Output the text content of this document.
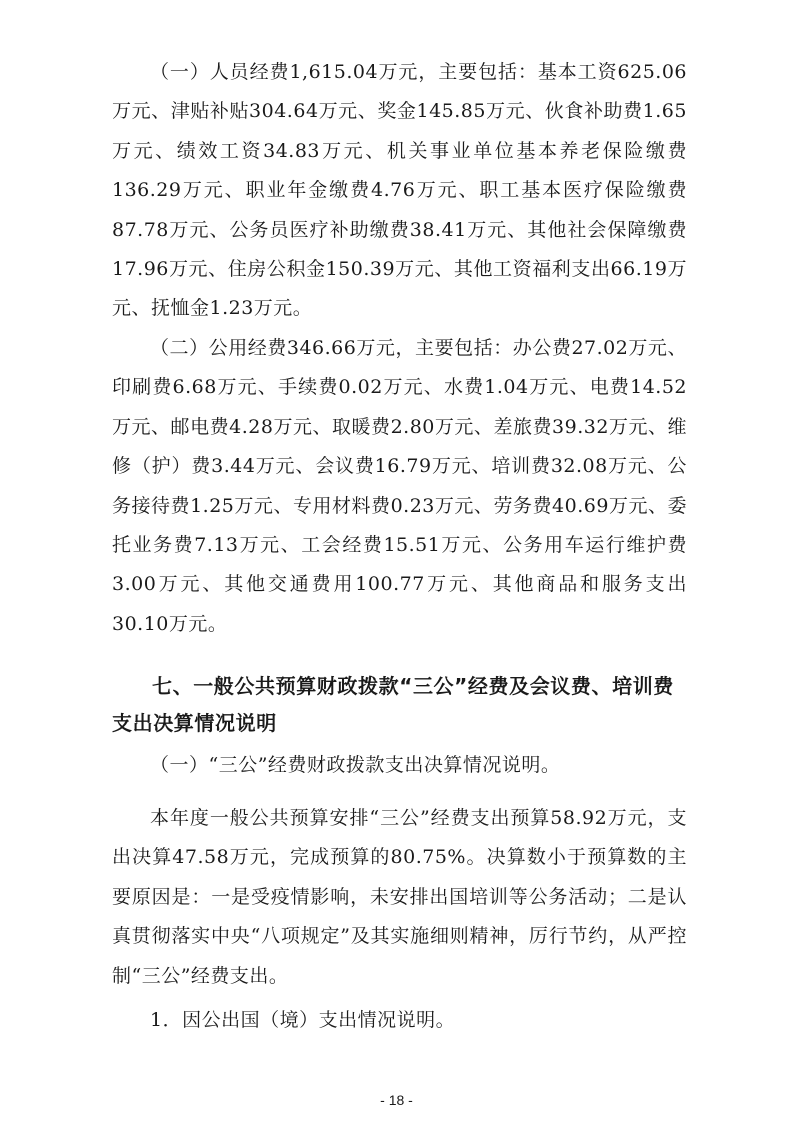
（一）人员经费1,615.04万元，主要包括：基本工资625.06万元、津贴补贴304.64万元、奖金145.85万元、伙食补助费1.65万元、绩效工资34.83万元、机关事业单位基本养老保险缴费136.29万元、职业年金缴费4.76万元、职工基本医疗保险缴费87.78万元、公务员医疗补助缴费38.41万元、其他社会保障缴费17.96万元、住房公积金150.39万元、其他工资福利支出66.19万元、抚恤金1.23万元。

（二）公用经费346.66万元，主要包括：办公费27.02万元、印刷费6.68万元、手续费0.02万元、水费1.04万元、电费14.52万元、邮电费4.28万元、取暖费2.80万元、差旅费39.32万元、维修（护）费3.44万元、会议费16.79万元、培训费32.08万元、公务接待费1.25万元、专用材料费0.23万元、劳务费40.69万元、委托业务费7.13万元、工会经费15.51万元、公务用车运行维护费3.00万元、其他交通费用100.77万元、其他商品和服务支出30.10万元。

七、一般公共预算财政拨款“三公”经费及会议费、培训费支出决算情况说明

（一）“三公”经费财政拨款支出决算情况说明。

本年度一般公共预算安排“三公”经费支出预算58.92万元，支出决算47.58万元，完成预算的80.75%。决算数小于预算数的主要原因是：一是受疫情影响，未安排出国培训等公务活动；二是认真贯彻落实中央“八项规定”及其实施细则精神，厉行节约，从严控制“三公”经费支出。

1．因公出国（境）支出情况说明。

- 18 -
